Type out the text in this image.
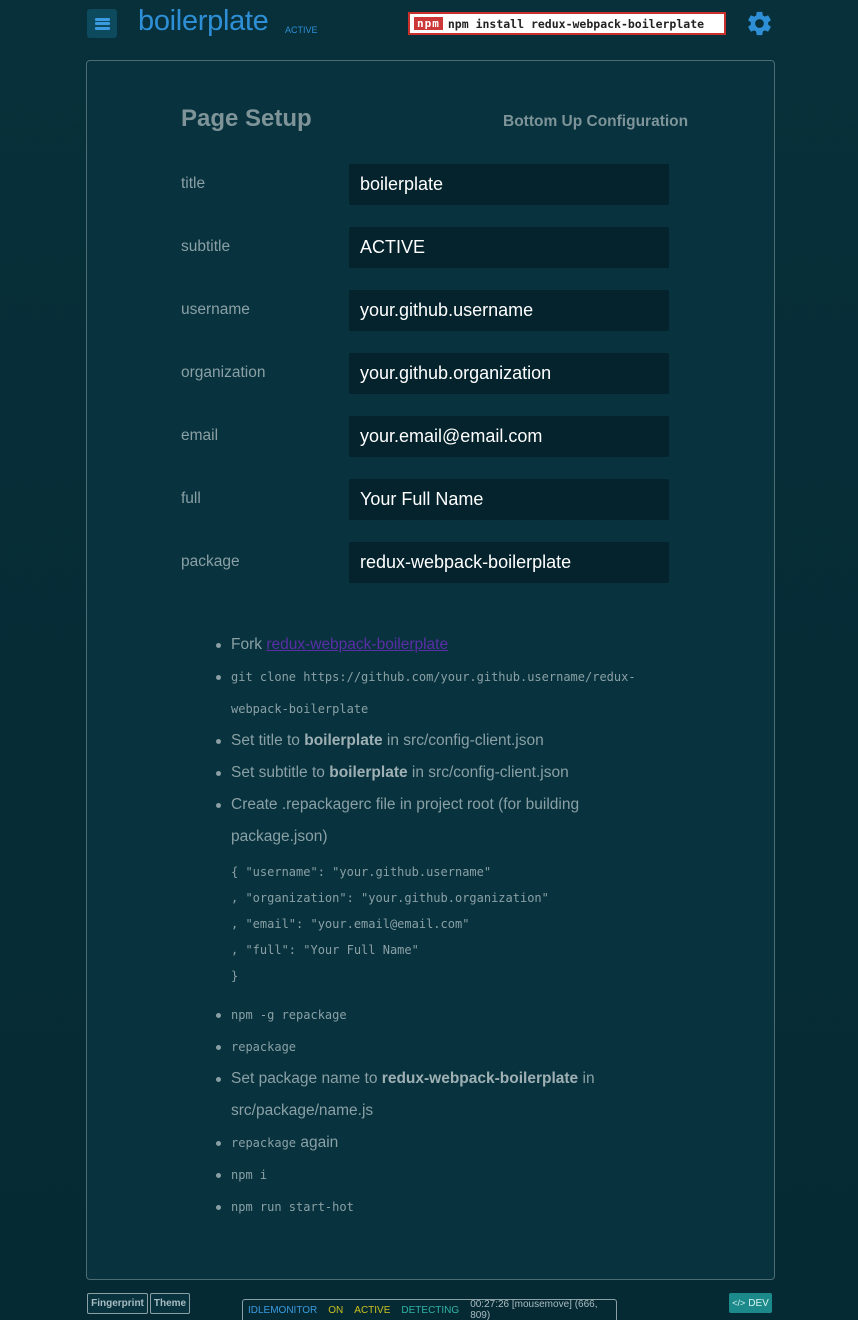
boilerplate ACTIVE	npm npm install redux-webpack-boilerplate
Page Setup	Bottom Up Configuration
title
boilerplate
subtitle
ACTIVE
username
your.github.username
organization
your.github.organization
email
your.email@email.com
full
Your Full Name
package
redux-webpack-boilerplate
Fork redux-webpack-boilerplate
git clone https://github.com/your.github.username/redux-
webpack-boilerplate
Set title to boilerplate in src/config-client.json
Set subtitle to boilerplate in src/config-client.json
Create .repackagerc file in project root (for building
package.json)
{ "username": "your.github.username"
, "organization": "your.github.organization"
, "email": "your.email@email.com"
, "full": "Your Full Name"
}
npm -g repackage
repackage
Set package name to redux-webpack-boilerplate in
src/package/name.js
repackage again
npm i
npm run start-hot
Fingerprint Theme
IDLEMONITOR ON ACTIVE DETECTING 00:27:26 [mousemove] (666, 809)
</> DEV
